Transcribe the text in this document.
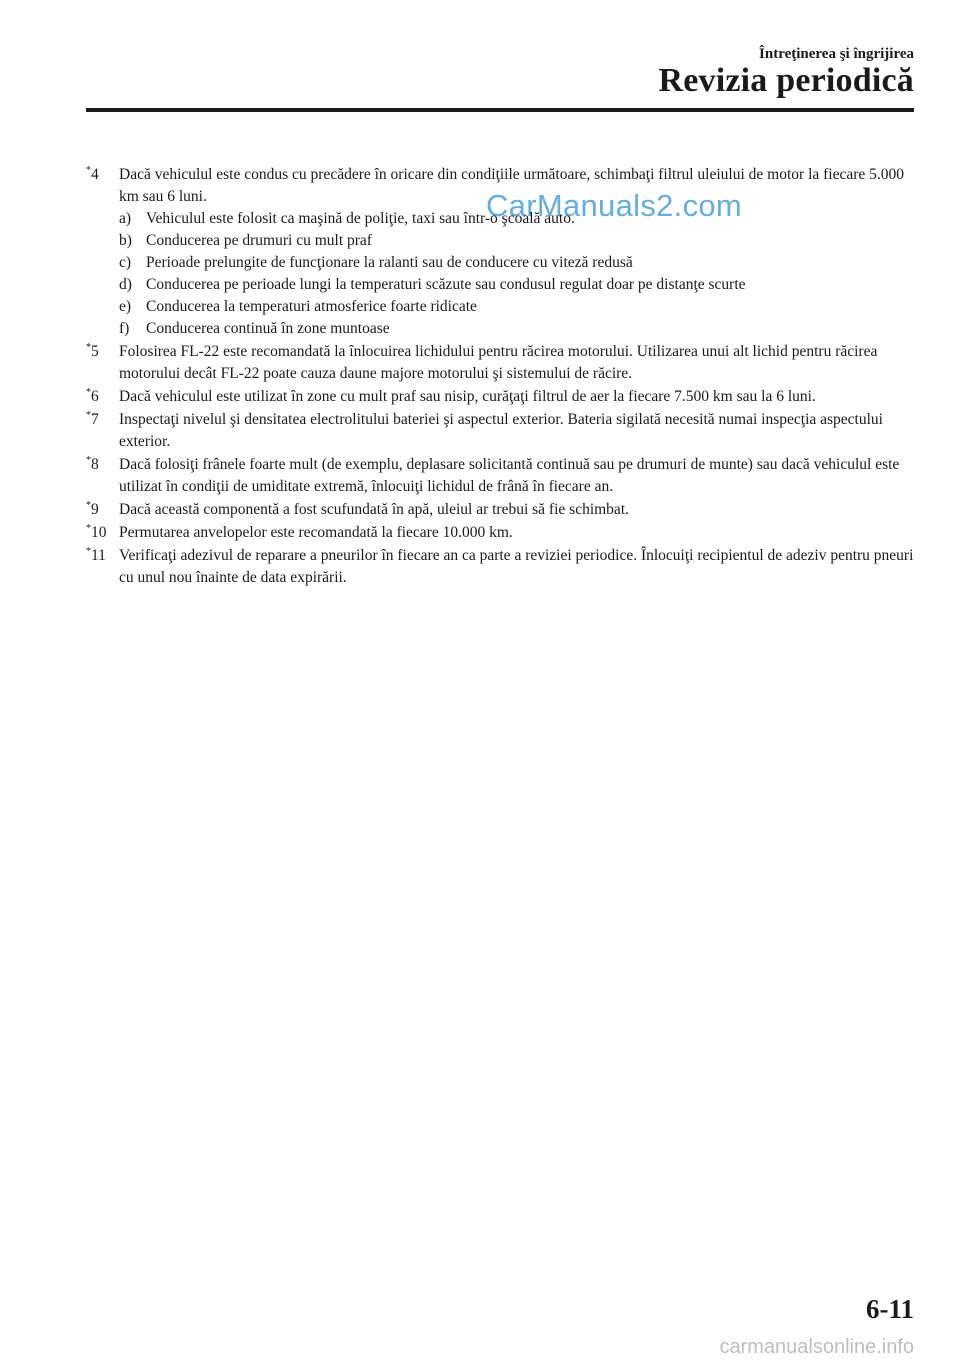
Întreţinerea şi îngrijirea
Revizia periodică
CarManuals2.com
*4 Dacă vehiculul este condus cu precădere în oricare din condiţiile următoare, schimbaţi filtrul uleiului de motor la fiecare 5.000 km sau 6 luni.
a) Vehiculul este folosit ca maşină de poliţie, taxi sau într-o şcoală auto.
b) Conducerea pe drumuri cu mult praf
c) Perioade prelungite de funcţionare la ralanti sau de conducere cu viteză redusă
d) Conducerea pe perioade lungi la temperaturi scăzute sau condusul regulat doar pe distanţe scurte
e) Conducerea la temperaturi atmosferice foarte ridicate
f) Conducerea continuă în zone muntoase
*5 Folosirea FL-22 este recomandată la înlocuirea lichidului pentru răcirea motorului. Utilizarea unui alt lichid pentru răcirea motorului decât FL-22 poate cauza daune majore motorului şi sistemului de răcire.
*6 Dacă vehiculul este utilizat în zone cu mult praf sau nisip, curăţaţi filtrul de aer la fiecare 7.500 km sau la 6 luni.
*7 Inspectaţi nivelul şi densitatea electrolitului bateriei şi aspectul exterior. Bateria sigilată necesită numai inspecţia aspectului exterior.
*8 Dacă folosiţi frânele foarte mult (de exemplu, deplasare solicitantă continuă sau pe drumuri de munte) sau dacă vehiculul este utilizat în condiţii de umiditate extremă, înlocuiţi lichidul de frână în fiecare an.
*9 Dacă această componentă a fost scufundată în apă, uleiul ar trebui să fie schimbat.
*10 Permutarea anvelopelor este recomandată la fiecare 10.000 km.
*11 Verificaţi adezivul de reparare a pneurilor în fiecare an ca parte a reviziei periodice. Înlocuiţi recipientul de adeziv pentru pneuri cu unul nou înainte de data expirării.
6-11
carmanualsonline.info
